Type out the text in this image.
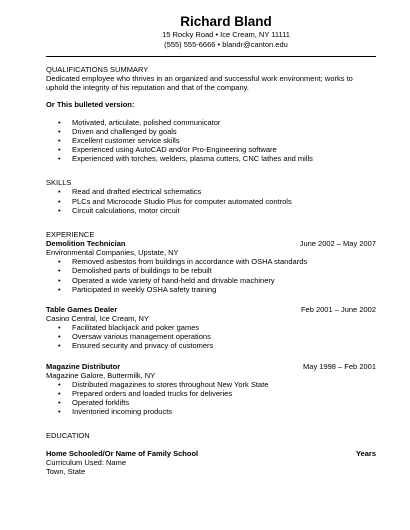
Richard Bland
15 Rocky Road • Ice Cream, NY 11111
(555) 555-6666 • blandr@canton.edu
QUALIFICATIONS SUMMARY

Dedicated employee who thrives in an organized and successful work environment; works to uphold the integrity of his reputation and that of the company.

Or This bulleted version:
• Motivated, articulate, polished communicator
• Driven and challenged by goals
• Excellent customer service skills
• Experienced using AutoCAD and/or Pro-Engineering software
• Experienced with torches, welders, plasma cutters, CNC lathes and mills
SKILLS
• Read and drafted electrical schematics
• PLCs and Microcode Studio Plus for computer automated controls
• Circuit calculations, motor circuit
EXPERIENCE
Demolition Technician	June 2002 – May 2007
Environmental Companies, Upstate, NY
• Removed asbestos from buildings in accordance with OSHA standards
• Demolished parts of buildings to be rebuilt
• Operated a wide variety of hand-held and drivable machinery
• Participated in weekly OSHA safety training
Table Games Dealer	Feb 2001 – June 2002
Casino Central, Ice Cream, NY
• Facilitated blackjack and poker games
• Oversaw various management operations
• Ensured security and privacy of customers
Magazine Distributor	May 1998 – Feb 2001
Magazine Galore, Buttermilk, NY
• Distributed magazines to stores throughout New York State
• Prepared orders and loaded trucks for deliveries
• Operated forklifts
• Inventoried incoming products
EDUCATION
Home Schooled/Or Name of Family School	Years
Curriculum Used: Name
Town, State
